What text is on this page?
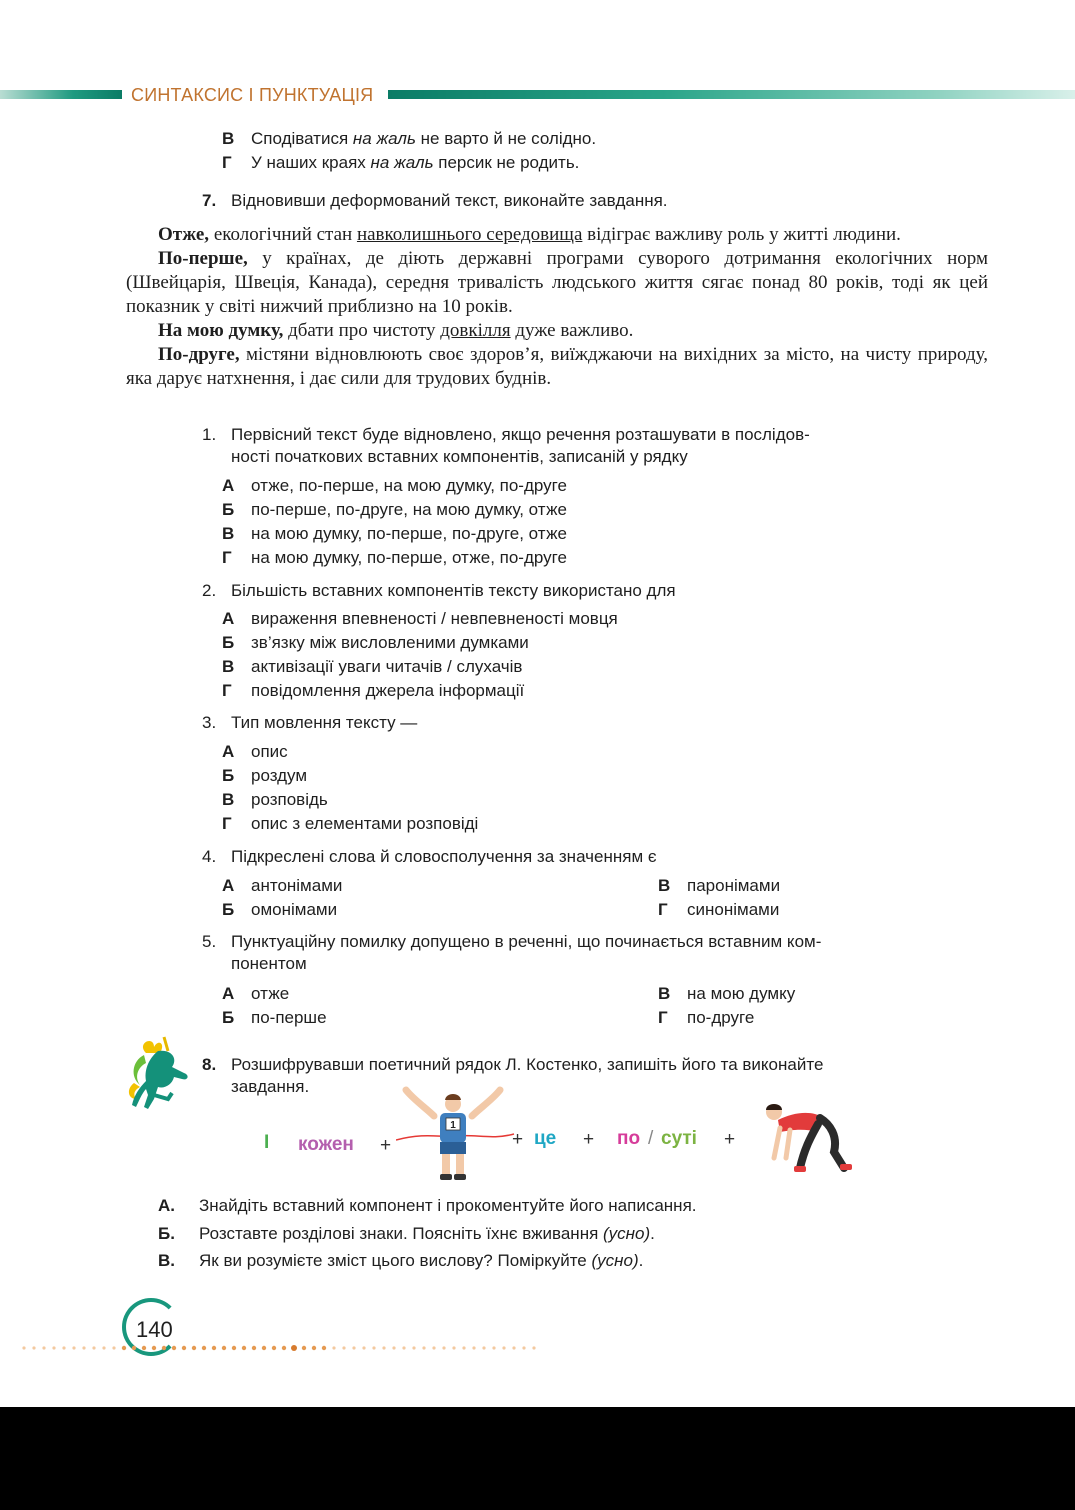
СИНТАКСИС І ПУНКТУАЦІЯ
В Сподіватися на жаль не варто й не солідно.
Г У наших краях на жаль персик не родить.
7. Відновивши деформований текст, виконайте завдання.

Отже, екологічний стан навколишнього середовища відіграє важливу роль у житті людини.

По-перше, у країнах, де діють державні програми суворого дотримання екологічних норм (Швейцарія, Швеція, Канада), середня тривалість людського життя сягає понад 80 років, тоді як цей показник у світі нижчий приблизно на 10 років.

На мою думку, дбати про чистоту довкілля дуже важливо.

По-друге, містяни відновлюють своє здоров’я, виїжджаючи на вихідних за місто, на чисту природу, яка дарує натхнення, і дає сили для трудових буднів.

1. Первісний текст буде відновлено, якщо речення розташувати в послідов-
ності початкових вставних компонентів, записаній у рядку
А отже, по-перше, на мою думку, по-друге
Б по-перше, по-друге, на мою думку, отже
В на мою думку, по-перше, по-друге, отже
Г на мою думку, по-перше, отже, по-друге
2. Більшість вставних компонентів тексту використано для
А вираження впевненості / невпевненості мовця
Б зв’язку між висловленими думками
В активізації уваги читачів / слухачів
Г повідомлення джерела інформації
3. Тип мовлення тексту —
А опис
Б роздум
В розповідь
Г опис з елементами розповіді
4. Підкреслені слова й словосполучення за значенням є
А антонімами
Б омонімами
В паронімами
Г синонімами
5. Пунктуаційну помилку допущено в реченні, що починається вставним ком-
понентом
А отже
Б по-перше
В на мою думку
Г по-друге
8. Розшифрувавши поетичний рядок Л. Костенко, запишіть його та виконайте
завдання.
І кожен +	+ це + по / суті +
1
А. Знайдіть вставний компонент і прокоментуйте його написання.
Б. Розставте розділові знаки. Поясніть їхнє вживання (усно).
В. Як ви розумієте зміст цього вислову? Поміркуйте (усно).
140
